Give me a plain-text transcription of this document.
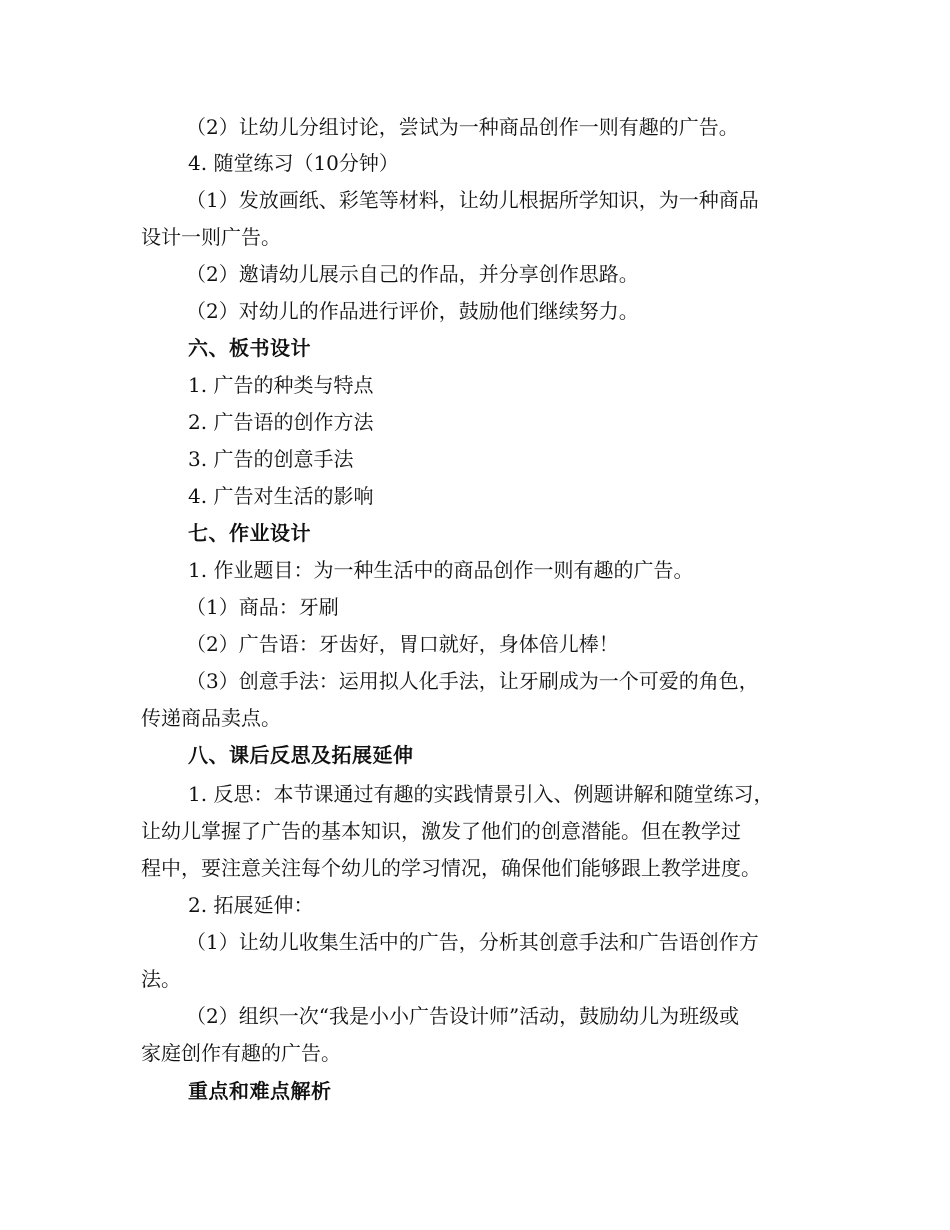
（2）让幼儿分组讨论，尝试为一种商品创作一则有趣的广告。
4. 随堂练习（10分钟）
（1）发放画纸、彩笔等材料，让幼儿根据所学知识，为一种商品
设计一则广告。
（2）邀请幼儿展示自己的作品，并分享创作思路。
（2）对幼儿的作品进行评价，鼓励他们继续努力。
六、板书设计
1. 广告的种类与特点
2. 广告语的创作方法
3. 广告的创意手法
4. 广告对生活的影响
七、作业设计
1. 作业题目：为一种生活中的商品创作一则有趣的广告。
（1）商品：牙刷
（2）广告语：牙齿好，胃口就好，身体倍儿棒！
（3）创意手法：运用拟人化手法，让牙刷成为一个可爱的角色，
传递商品卖点。
八、课后反思及拓展延伸
1. 反思：本节课通过有趣的实践情景引入、例题讲解和随堂练习，
让幼儿掌握了广告的基本知识，激发了他们的创意潜能。但在教学过
程中，要注意关注每个幼儿的学习情况，确保他们能够跟上教学进度。
2. 拓展延伸：
（1）让幼儿收集生活中的广告，分析其创意手法和广告语创作方
法。
（2）组织一次“我是小小广告设计师”活动，鼓励幼儿为班级或
家庭创作有趣的广告。
重点和难点解析
